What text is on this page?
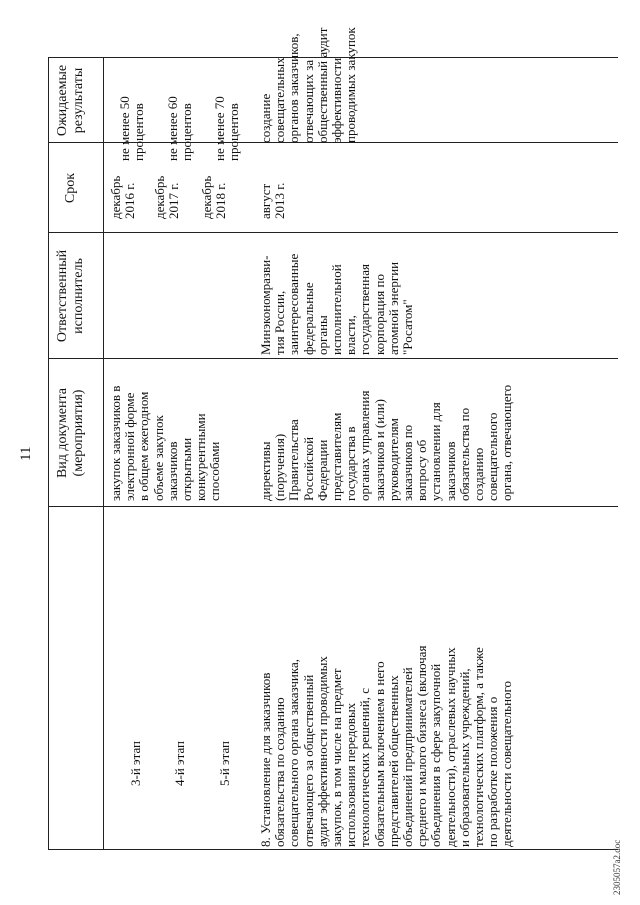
11
Вид документа
(мероприятия)
Ответственный
исполнитель
Срок
Ожидаемые результаты
3-й этап 4-й этап 5-й этап
закупок заказчиков в
электронной форме
в общем ежегодном
объеме закупок
заказчиков
открытыми
конкурентными
способами
декабрь
2016 г. декабрь
2017 г. декабрь
2018 г.
не менее 50 процентов не менее 60 процентов не менее 70 процентов
8. Установление для заказчиков
обязательства по созданию
совещательного органа заказчика,
отвечающего за общественный
аудит эффективности проводимых
закупок, в том числе на предмет
использования передовых
технологических решений, с
обязательным включением в него
представителей общественных
объединений предпринимателей
среднего и малого бизнеса (включая
объединения в сфере закупочной
деятельности), отраслевых научных
и образовательных учреждений,
технологических платформ, а также
по разработке положения о
деятельности совещательного
директивы
(поручения)
Правительства
Российской
Федерации
представителям
государства в
органах управления
заказчиков и (или)
руководителям
заказчиков по
вопросу об
установлении для
заказчиков
обязательства по
созданию
совещательного
органа, отвечающего
Минэкономразви-
тия России,
заинтересованные
федеральные
органы
исполнительной
власти,
государственная
корпорация по
атомной энергии
"Росатом"
август
2013 г.
создание совещательных
органов заказчиков,
отвечающих за
общественный аудит
эффективности
проводимых закупок
2305057а2.doc
